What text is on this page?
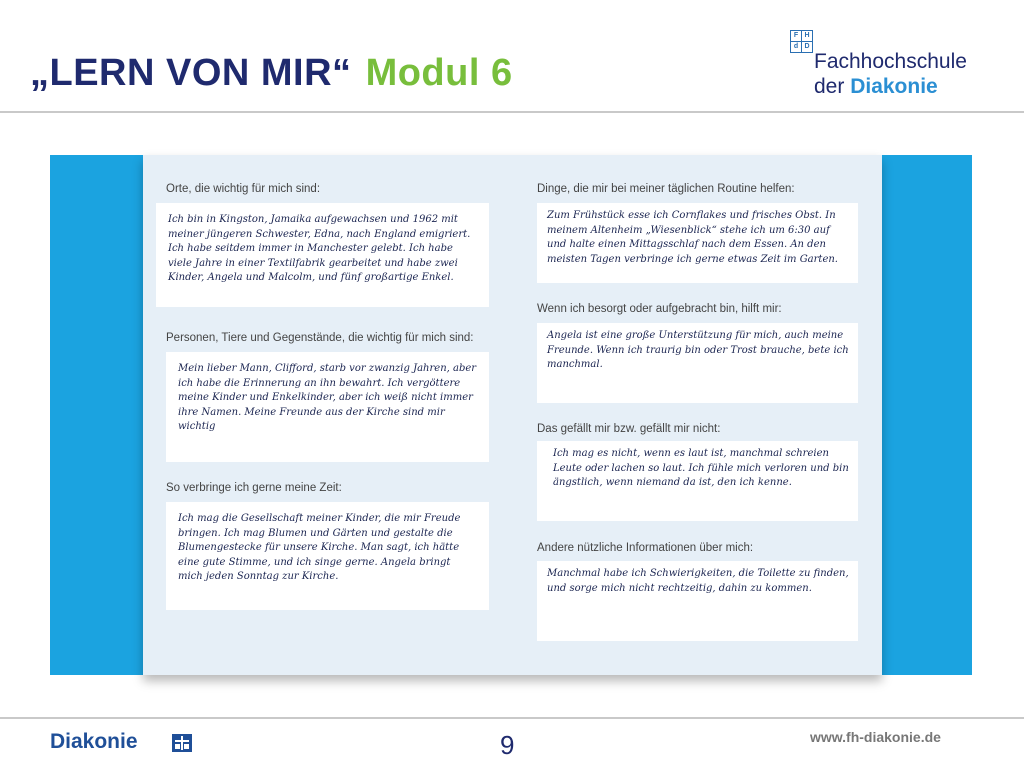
„LERN VON MIR“ Modul 6
F H
d D
Fachhochschule
der Diakonie
Orte, die wichtig für mich sind:
Ich bin in Kingston, Jamaika aufgewachsen und 1962 mit meiner jüngeren Schwester, Edna, nach England emigriert. Ich habe seitdem immer in Manchester gelebt. Ich habe viele Jahre in einer Textilfabrik gearbeitet und habe zwei Kinder, Angela und Malcolm, und fünf großartige Enkel.
Personen, Tiere und Gegenstände, die wichtig für mich sind:
Mein lieber Mann, Clifford, starb vor zwanzig Jahren, aber ich habe die Erinnerung an ihn bewahrt. Ich vergöttere meine Kinder und Enkelkinder, aber ich weiß nicht immer ihre Namen. Meine Freunde aus der Kirche sind mir wichtig
So verbringe ich gerne meine Zeit:
Ich mag die Gesellschaft meiner Kinder, die mir Freude bringen. Ich mag Blumen und Gärten und gestalte die Blumengestecke für unsere Kirche. Man sagt, ich hätte eine gute Stimme, und ich singe gerne. Angela bringt mich jeden Sonntag zur Kirche.
Dinge, die mir bei meiner täglichen Routine helfen:
Zum Frühstück esse ich Cornflakes und frisches Obst. In meinem Altenheim „Wiesenblick“ stehe ich um 6:30 auf und halte einen Mittagsschlaf nach dem Essen. An den meisten Tagen verbringe ich gerne etwas Zeit im Garten.
Wenn ich besorgt oder aufgebracht bin, hilft mir:
Angela ist eine große Unterstützung für mich, auch meine Freunde. Wenn ich traurig bin oder Trost brauche, bete ich manchmal.
Das gefällt mir bzw. gefällt mir nicht:
Ich mag es nicht, wenn es laut ist, manchmal schreien Leute oder lachen so laut. Ich fühle mich verloren und bin ängstlich, wenn niemand da ist, den ich kenne.
Andere nützliche Informationen über mich:
Manchmal habe ich Schwierigkeiten, die Toilette zu finden, und sorge mich nicht rechtzeitig, dahin zu kommen.
Diakonie	9	www.fh-diakonie.de
